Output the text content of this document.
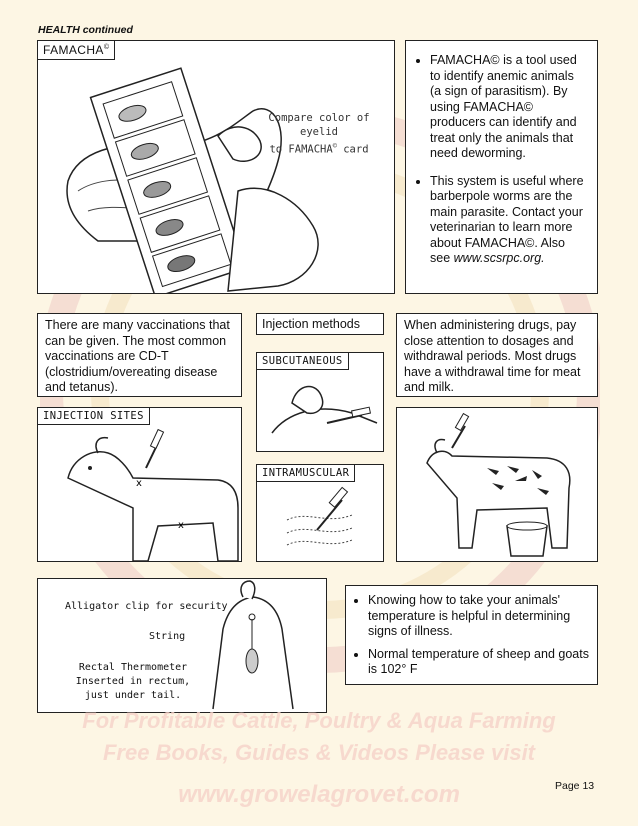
HEALTH continued
FAMACHA©
Compare color of eyelid
to FAMACHA© card
• FAMACHA© is a tool used to identify anemic animals (a sign of parasitism). By using FAMACHA© producers can identify and treat only the animals that need deworming.
• This system is useful where barberpole worms are the main parasite. Contact your veterinarian to learn more about FAMACHA©. Also see www.scsrpc.org.
There are many vaccinations that can be given. The most common vaccinations are CD-T (clostridium/overeating disease and tetanus).
Injection methods	When administering drugs, pay close attention to dosages and withdrawal periods. Most drugs have a withdrawal time for meat and milk.
INJECTION SITES
x
x
SUBCUTANEOUS
INTRAMUSCULAR
Alligator clip for security
String
Rectal Thermometer
Inserted in rectum,
just under tail.
• Knowing how to take your animals' temperature is helpful in determining signs of illness.
• Normal temperature of sheep and goats is 102° F
For Profitable Cattle, Poultry & Aqua Farming
Free Books, Guides & Videos Please visit
www.growelagrovet.com	Page 13
